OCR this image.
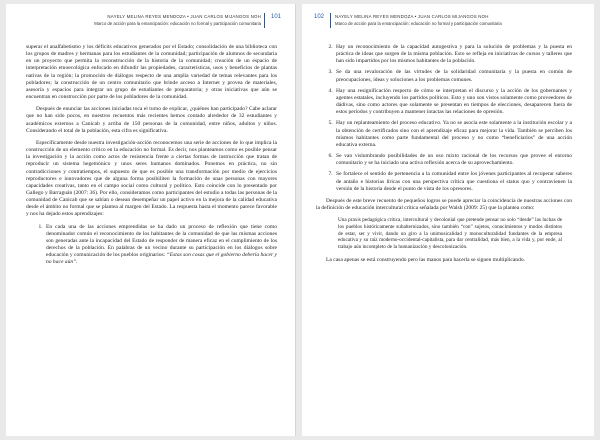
NAYELY MELINA REYES MENDOZA • JUAN CARLOS MIJANGOS NOH
Marco de acción para la emancipación: educación no formal y participación comunitaria
101

superar el analfabetismo y los déficits educativos generados por el Estado; consolidación de una biblioteca con los grupos de madres y hermanas para los estudiantes de la comunidad; participación de alumnos de secundaria en un proyecto que permita la reconstrucción de la historia de la comunidad; creación de un espacio de interpretación etnoecológica enfocado en difundir las propiedades, características, usos y beneficios de plantas nativas de la región; la promoción de diálogos respecto de una amplia variedad de temas relevantes para los pobladores; la construcción de un centro comunitario que brinde acceso a Internet y provea de materiales, asesoría y espacios para integrar un grupo de estudiantes de preparatoria; y otras iniciativas que aún se encuentran en construcción por parte de los pobladores de la comunidad.

Después de enunciar las acciones iniciadas toca el turno de explicar, ¿quiénes han participado? Cabe aclarar que no han sido pocos, en nuestros recuentos más recientes hemos contado alrededor de 32 estudiantes y académicos externos a Canicab y arriba de 150 personas de la comunidad, entre niños, adultos y niños. Considerando el total de la población, esta cifra es significativa.

Específicamente desde nuestra investigación-acción reconocemos una serie de acciones de lo que implica la construcción de un elemento crítico en la educación no formal. Es decir, nos planteamos como es posible pensar la investigación y la acción como actos de resistencia frente a ciertas formas de instrucción que tratan de reproducir un sistema hegemónico y unos seres humanos dominados. Ponemos en práctica, no sin contradicciones y contratiempos, el supuesto de que es posible una transformación por medio de ejercicios reproductores e innovadores que de alguna forma posibiliten la formación de unas personas con mayores capacidades creativas, tanto en el campo social como cultural y político. Esto coincide con lo presentado por Gallego y Barraguán (2007: 36). Por ello, consideramos como participantes del estudio a todas las personas de la comunidad de Canicab que se sabían o desean desempeñar un papel activo en la mejora de la calidad educativa desde el ámbito no formal que se plantea al margen del Estado. La respuesta hasta el momento parece favorable y nos ha dejado estos aprendizajes:

1. En cada una de las acciones emprendidas se ha dado un proceso de reflexión que tiene como denominador común el reconocimiento de los habitantes de la comunidad de que las mismas acciones son generadas ante la incapacidad del Estado de responder de manera eficaz en el cumplimiento de los derechos de la población. En palabras de un vecino durante su participación en los diálogos sobre educación y comunicación de los pueblos originarios: “Estas son cosas que el gobierno debería hacer y no hace aún”.
102 NAYELY MELINA REYES MENDOZA • JUAN CARLOS MIJANGOS NOH
Marco de acción para la emancipación: educación no formal y participación comunitaria
2. Hay un reconocimiento de la capacidad autogestiva y para la solución de problemas y la puesta en práctica de ideas que surgen de la misma población. Esto se refleja en iniciativas de cursos y talleres que han sido impartidos por los mismos habitantes de la población.
3. Se da una revaloración de las virtudes de la solidaridad comunitaria y la puesta en común de preocupaciones, ideas y soluciones a los problemas comunes.
4. Hay una resignificación respecto de cómo se interpretan el discurso y la acción de los gobernantes y agentes estatales, incluyendo los partidos políticos. Esto y uno son vistos solamente como proveedores de dádivas, sino como actores que solamente se presentan en tiempos de elecciones, desaparecen fuera de estos períodos y contribuyen a mantener intactas las relaciones de opresión.
5. Hay un replanteamiento del proceso educativo. Ya no se asocia este solamente a la institución escolar y a la obtención de certificados sino con el aprendizaje eficaz para mejorar la vida. También se perciben los mismos habitantes como parte fundamental del proceso y no como “beneficiarios” de una acción educativa externa.
6. Se van vislumbrando posibilidades de un uso mixto racional de los recursos que provee el entorno comunitario y se ha iniciado una activa reflexión acerca de su aprovechamiento.
7. Se fortalece el sentido de pertenencia a la comunidad entre los jóvenes participantes al recuperar saberes de antaño e historias líricas con una perspectiva crítica que cuestiona el status quo y contravienen la versión de la historia desde el punto de vista de los opresores.

Después de este breve recuento de pequeños logros se puede apreciar la coincidencia de nuestras acciones con la definición de educación intercultural crítica señalada por Walsh (2009: 25) que la plantea como:

Una praxis pedagógica crítica, intercultural y decolonial que pretende pensar no solo “desde” las luchas de los pueblos históricamente subalternizados, sino también “con” sujetos, conocimientos y modos distintos de estar, ser y vivir, dando un giro a la unimusicalidad y monoculturalidad fundantes de la empresa educativa y su raíz moderno-occidental-capitalista, para dar centralidad, más bien, a la vida y, por ende, al trabajo aún incompleto de la humanización y descolonización.

La casa apenas se está construyendo pero las manos para hacerla se siguen multiplicando.
